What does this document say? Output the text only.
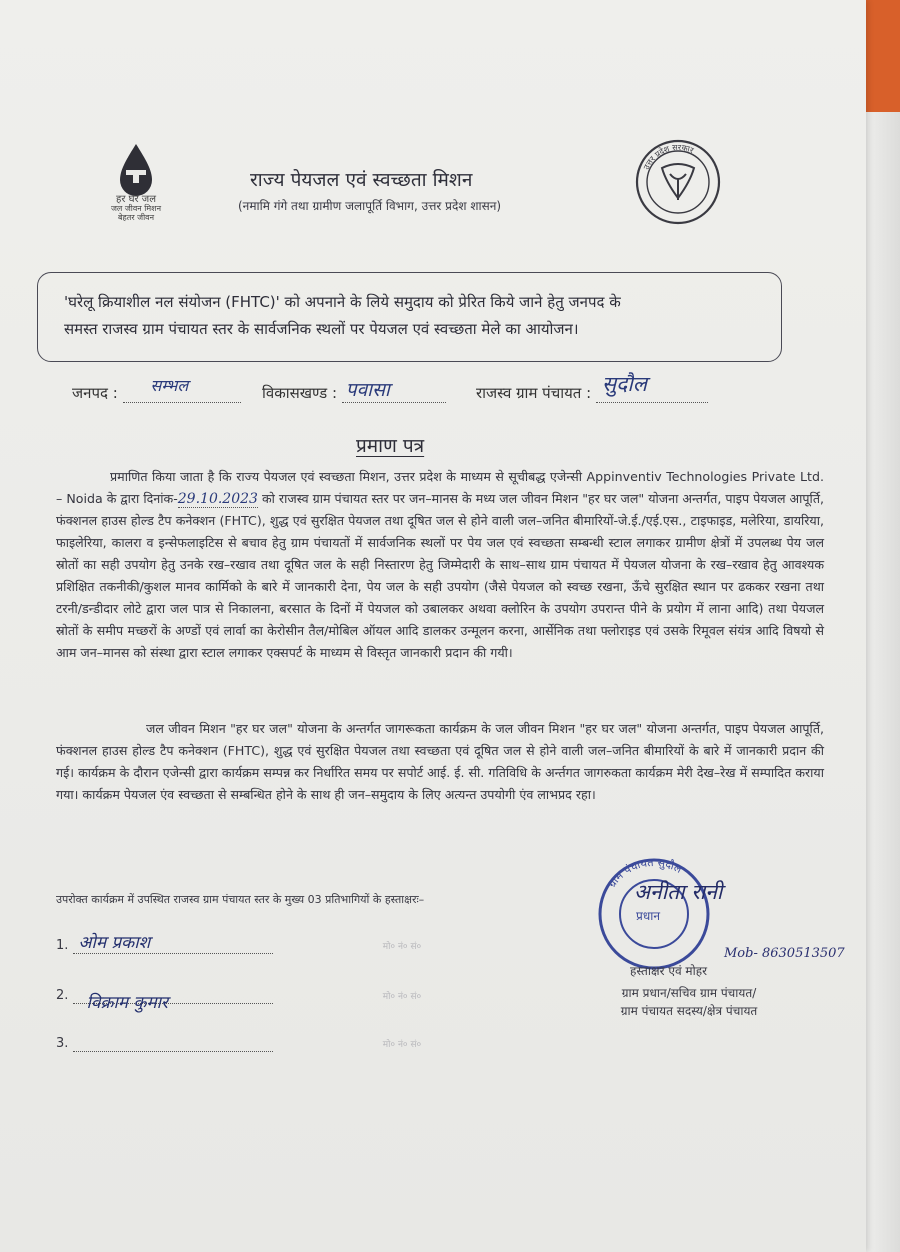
हर घर जल
जल जीवन मिशन
बेहतर जीवन
राज्य पेयजल एवं स्वच्छता मिशन
(नमामि गंगे तथा ग्रामीण जलापूर्ति विभाग, उत्तर प्रदेश शासन)
उत्तर प्रदेश सरकार
'घरेलू क्रियाशील नल संयोजन (FHTC)' को अपनाने के लिये समुदाय को प्रेरित किये जाने हेतु जनपद के
समस्त राजस्व ग्राम पंचायत स्तर के सार्वजनिक स्थलों पर पेयजल एवं स्वच्छता मेले का आयोजन।
जनपद : सम्भल
	विकासखण्ड : पवासा
	राजस्व ग्राम पंचायत : सुदौल

प्रमाण पत्र
प्रमाणित किया जाता है कि राज्य पेयजल एवं स्वच्छता मिशन, उत्तर प्रदेश के माध्यम से सूचीबद्ध एजेन्सी Appinventiv Technologies Private Ltd. – Noida के द्वारा दिनांक-29.10.2023 को राजस्व ग्राम पंचायत स्तर पर जन–मानस के मध्य जल जीवन मिशन "हर घर जल" योजना अन्तर्गत, पाइप पेयजल आपूर्ति, फंक्शनल हाउस होल्ड टैप कनेक्शन (FHTC), शुद्ध एवं सुरक्षित पेयजल तथा दूषित जल से होने वाली जल–जनित बीमारियों-जे.ई./एई.एस., टाइफाइड, मलेरिया, डायरिया, फाइलेरिया, कालरा व इन्सेफलाइटिस से बचाव हेतु ग्राम पंचायतों में सार्वजनिक स्थलों पर पेय जल एवं स्वच्छता सम्बन्धी स्टाल लगाकर ग्रामीण क्षेत्रों में उपलब्ध पेय जल स्रोतों का सही उपयोग हेतु उनके रख–रखाव तथा दूषित जल के सही निस्तारण हेतु जिम्मेदारी के साथ–साथ ग्राम पंचायत में पेयजल योजना के रख–रखाव हेतु आवश्यक प्रशिक्षित तकनीकी/कुशल मानव कार्मिको के बारे में जानकारी देना, पेय जल के सही उपयोग (जैसे पेयजल को स्वच्छ रखना, ऊँचे सुरक्षित स्थान पर ढककर रखना तथा टरनी/डन्डीदार लोटे द्वारा जल पात्र से निकालना, बरसात के दिनों में पेयजल को उबालकर अथवा क्लोरिन के उपयोग उपरान्त पीने के प्रयोग में लाना आदि) तथा पेयजल स्रोतों के समीप मच्छरों के अण्डों एवं लार्वा का केरोसीन तैल/मोबिल ऑयल आदि डालकर उन्मूलन करना, आर्सेनिक तथा फ्लोराइड एवं उसके रिमूवल संयंत्र आदि विषयो से आम जन–मानस को संस्था द्वारा स्टाल लगाकर एक्सपर्ट के माध्यम से विस्तृत जानकारी प्रदान की गयी।
जल जीवन मिशन "हर घर जल" योजना के अन्तर्गत जागरूकता कार्यक्रम के जल जीवन मिशन "हर घर जल" योजना अन्तर्गत, पाइप पेयजल आपूर्ति, फंक्शनल हाउस होल्ड टैप कनेक्शन (FHTC), शुद्ध एवं सुरक्षित पेयजल तथा स्वच्छता एवं दूषित जल से होने वाली जल–जनित बीमारियों के बारे में जानकारी प्रदान की गई। कार्यक्रम के दौरान एजेन्सी द्वारा कार्यक्रम सम्पन्न कर निर्धारित समय पर सपोर्ट आई. ई. सी. गतिविधि के अर्न्तगत जागरुकता कार्यक्रम मेरी देख–रेख में सम्पादित कराया गया। कार्यक्रम पेयजल एंव स्वच्छता से सम्बन्धित होने के साथ ही जन–समुदाय के लिए अत्यन्त उपयोगी एंव लाभप्रद रहा।
उपरोक्त कार्यक्रम में उपस्थित राजस्व ग्राम पंचायत स्तर के मुख्य 03 प्रतिभागियों के हस्ताक्षरः–
1. ओम प्रकाश	मो० नं० सं०
2. विक्राम कुमार	मो० नं० सं०
3.	मो० नं० सं०
ग्राम पंचायत सुदौल
प्रधान
अनीता रानी
Mob- 8630513507
हस्ताक्षर एवं मोहर
ग्राम प्रधान/सचिव ग्राम पंचायत/
ग्राम पंचायत सदस्य/क्षेत्र पंचायत
